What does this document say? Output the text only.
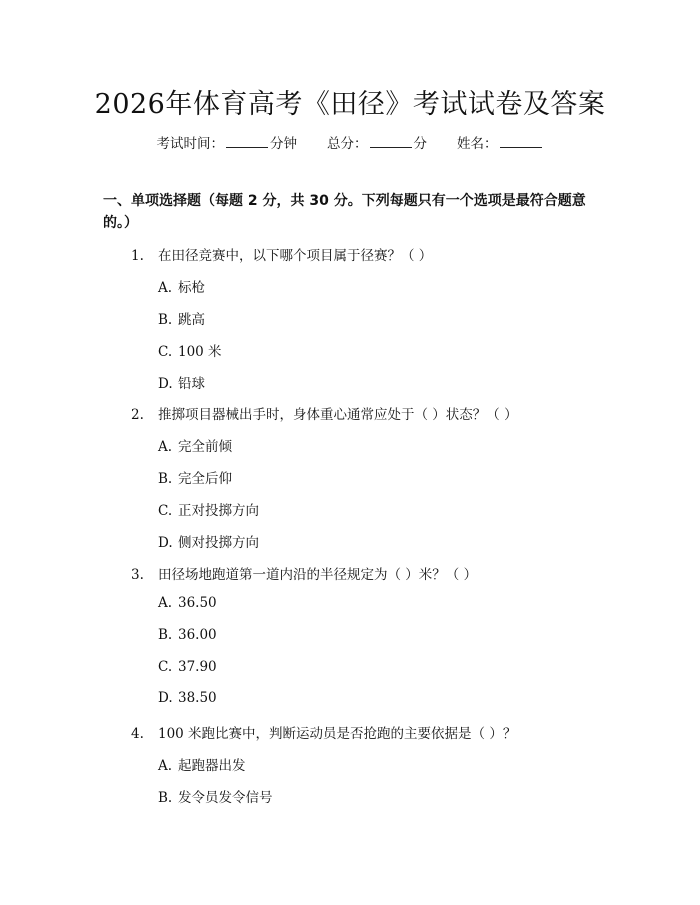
2026年体育高考《田径》考试试卷及答案
考试时间：	分钟 总分：	分 姓名：
一、单项选择题（每题 2 分，共 30 分。下列每题只有一个选项是最符合题意的。）
1. 在田径竞赛中，以下哪个项目属于径赛？（ ）
A. 标枪
B. 跳高
C. 100 米
D. 铅球
2. 推掷项目器械出手时，身体重心通常应处于（ ）状态？（ ）
A. 完全前倾
B. 完全后仰
C. 正对投掷方向
D. 侧对投掷方向
3. 田径场地跑道第一道内沿的半径规定为（ ）米？（ ）
A. 36.50
B. 36.00
C. 37.90
D. 38.50
4. 100 米跑比赛中，判断运动员是否抢跑的主要依据是（ ）？
A. 起跑器出发
B. 发令员发令信号
